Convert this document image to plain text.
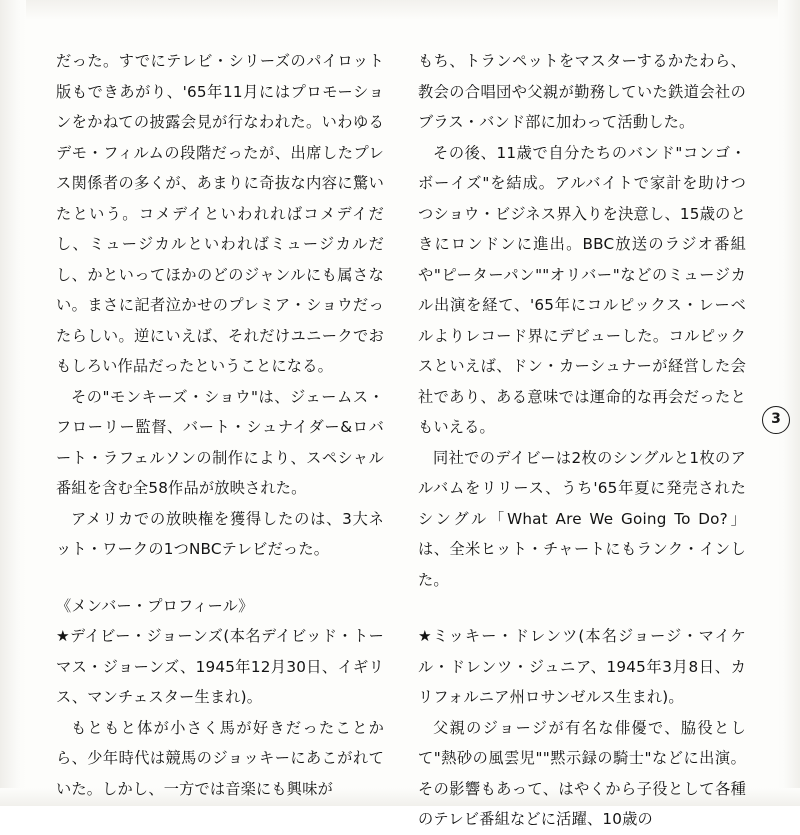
だった。すでにテレビ・シリーズのパイロット版もできあがり、'65年11月にはプロモーションをかねての披露会見が行なわれた。いわゆるデモ・フィルムの段階だったが、出席したプレス関係者の多くが、あまりに奇抜な内容に驚いたという。コメデイといわれればコメデイだし、ミュージカルといわればミュージカルだし、かといってほかのどのジャンルにも属さない。まさに記者泣かせのプレミア・ショウだったらしい。逆にいえば、それだけユニークでおもしろい作品だったということになる。

その"モンキーズ・ショウ"は、ジェームス・フローリー監督、バート・シュナイダー&ロバート・ラフェルソンの制作により、スペシャル番組を含む全58作品が放映された。

アメリカでの放映権を獲得したのは、3大ネット・ワークの1つNBCテレビだった。

《メンバー・プロフィール》

★デイビー・ジョーンズ(本名デイビッド・トーマス・ジョーンズ、1945年12月30日、イギリス、マンチェスター生まれ)。

もともと体が小さく馬が好きだったことから、少年時代は競馬のジョッキーにあこがれていた。しかし、一方では音楽にも興味が

もち、トランペットをマスターするかたわら、教会の合唱団や父親が勤務していた鉄道会社のブラス・バンド部に加わって活動した。

その後、11歳で自分たちのバンド"コンゴ・ボーイズ"を結成。アルバイトで家計を助けつつショウ・ビジネス界入りを決意し、15歳のときにロンドンに進出。BBC放送のラジオ番組や"ピーターパン""オリバー"などのミュージカル出演を経て、'65年にコルピックス・レーベルよりレコード界にデビューした。コルピックスといえば、ドン・カーシュナーが経営した会社であり、ある意味では運命的な再会だったともいえる。

同社でのデイビーは2枚のシングルと1枚のアルバムをリリース、うち'65年夏に発売されたシングル「What Are We Going To Do?」は、全米ヒット・チャートにもランク・インした。

★ミッキー・ドレンツ(本名ジョージ・マイケル・ドレンツ・ジュニア、1945年3月8日、カリフォルニア州ロサンゼルス生まれ)。

父親のジョージが有名な俳優で、脇役として"熱砂の風雲児""黙示録の騎士"などに出演。その影響もあって、はやくから子役として各種のテレビ番組などに活躍、10歳の

3
